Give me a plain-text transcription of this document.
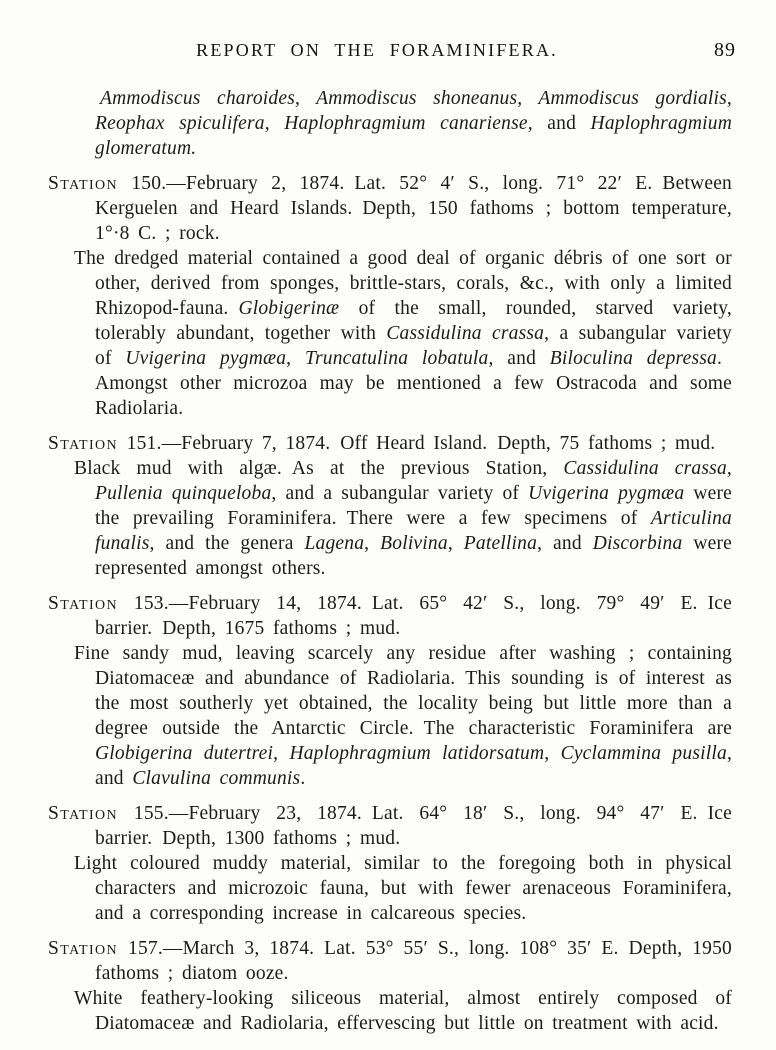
REPORT ON THE FORAMINIFERA.	89

Ammodiscus charoides, Ammodiscus shoneanus, Ammodiscus gordialis, Reophax spiculifera, Haplophragmium canariense, and Haplophragmium glomeratum.

Station 150.—February 2, 1874. Lat. 52° 4′ S., long. 71° 22′ E. Between Kerguelen and Heard Islands. Depth, 150 fathoms ; bottom temperature, 1°·8 C. ; rock.

The dredged material contained a good deal of organic débris of one sort or other, derived from sponges, brittle-stars, corals, &c., with only a limited Rhizopod-fauna. Globigerinæ of the small, rounded, starved variety, tolerably abundant, together with Cassidulina crassa, a subangular variety of Uvigerina pygmæa, Truncatulina lobatula, and Biloculina depressa. Amongst other microzoa may be mentioned a few Ostracoda and some Radiolaria.

Station 151.—February 7, 1874. Off Heard Island. Depth, 75 fathoms ; mud.

Black mud with algæ. As at the previous Station, Cassidulina crassa, Pullenia quinqueloba, and a subangular variety of Uvigerina pygmæa were the prevailing Foraminifera. There were a few specimens of Articulina funalis, and the genera Lagena, Bolivina, Patellina, and Discorbina were represented amongst others.

Station 153.—February 14, 1874. Lat. 65° 42′ S., long. 79° 49′ E. Ice barrier. Depth, 1675 fathoms ; mud.

Fine sandy mud, leaving scarcely any residue after washing ; containing Diatomaceæ and abundance of Radiolaria. This sounding is of interest as the most southerly yet obtained, the locality being but little more than a degree outside the Antarctic Circle. The characteristic Foraminifera are Globigerina dutertrei, Haplophragmium latidorsatum, Cyclammina pusilla, and Clavulina communis.

Station 155.—February 23, 1874. Lat. 64° 18′ S., long. 94° 47′ E. Ice barrier. Depth, 1300 fathoms ; mud.

Light coloured muddy material, similar to the foregoing both in physical characters and microzoic fauna, but with fewer arenaceous Foraminifera, and a corresponding increase in calcareous species.

Station 157.—March 3, 1874. Lat. 53° 55′ S., long. 108° 35′ E. Depth, 1950 fathoms ; diatom ooze.

White feathery-looking siliceous material, almost entirely composed of Diatomaceæ and Radiolaria, effervescing but little on treatment with acid.
